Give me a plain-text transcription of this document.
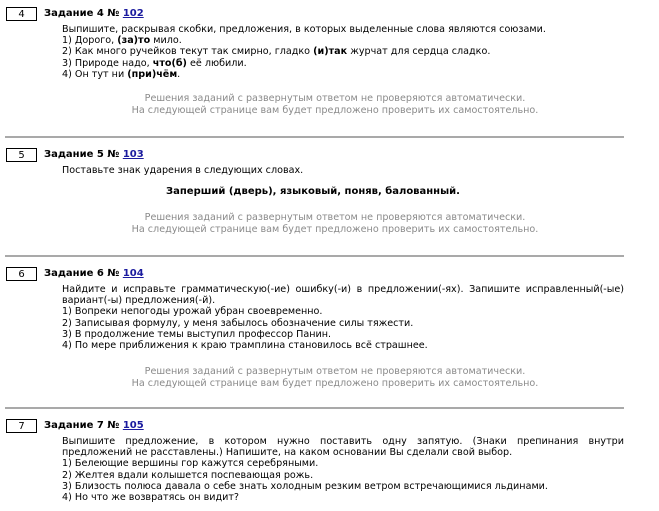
4	Задание 4 № 102
Выпишите, раскрывая скобки, предложения, в которых выделенные слова являются союзами.
1) Дорого, (за)то мило.
2) Как много ручейков текут так смирно, гладко (и)так журчат для сердца сладко.
3) Природе надо, что(б) её любили.
4) Он тут ни (при)чём.
Решения заданий с развернутым ответом не проверяются автоматически.
На следующей странице вам будет предложено проверить их самостоятельно.
5	Задание 5 № 103
Поставьте знак ударения в следующих словах.
Заперший (дверь), языковый, поняв, балованный.
Решения заданий с развернутым ответом не проверяются автоматически.
На следующей странице вам будет предложено проверить их самостоятельно.
6	Задание 6 № 104
Найдите и исправьте грамматическую(-ие) ошибку(-и) в предложении(-ях). Запишите исправленный(-ые) вариант(-ы) предложения(-й).
1) Вопреки непогоды урожай убран своевременно.
2) Записывая формулу, у меня забылось обозначение силы тяжести.
3) В продолжение темы выступил профессор Панин.
4) По мере приближения к краю трамплина становилось всё страшнее.
Решения заданий с развернутым ответом не проверяются автоматически.
На следующей странице вам будет предложено проверить их самостоятельно.
7	Задание 7 № 105
Выпишите предложение, в котором нужно поставить одну запятую. (Знаки препинания внутри предложений не расставлены.) Напишите, на каком основании Вы сделали свой выбор.
1) Белеющие вершины гор кажутся серебряными.
2) Желтея вдали колышется поспевающая рожь.
3) Близость полюса давала о себе знать холодным резким ветром встречающимися льдинами.
4) Но что же возвратясь он видит?
